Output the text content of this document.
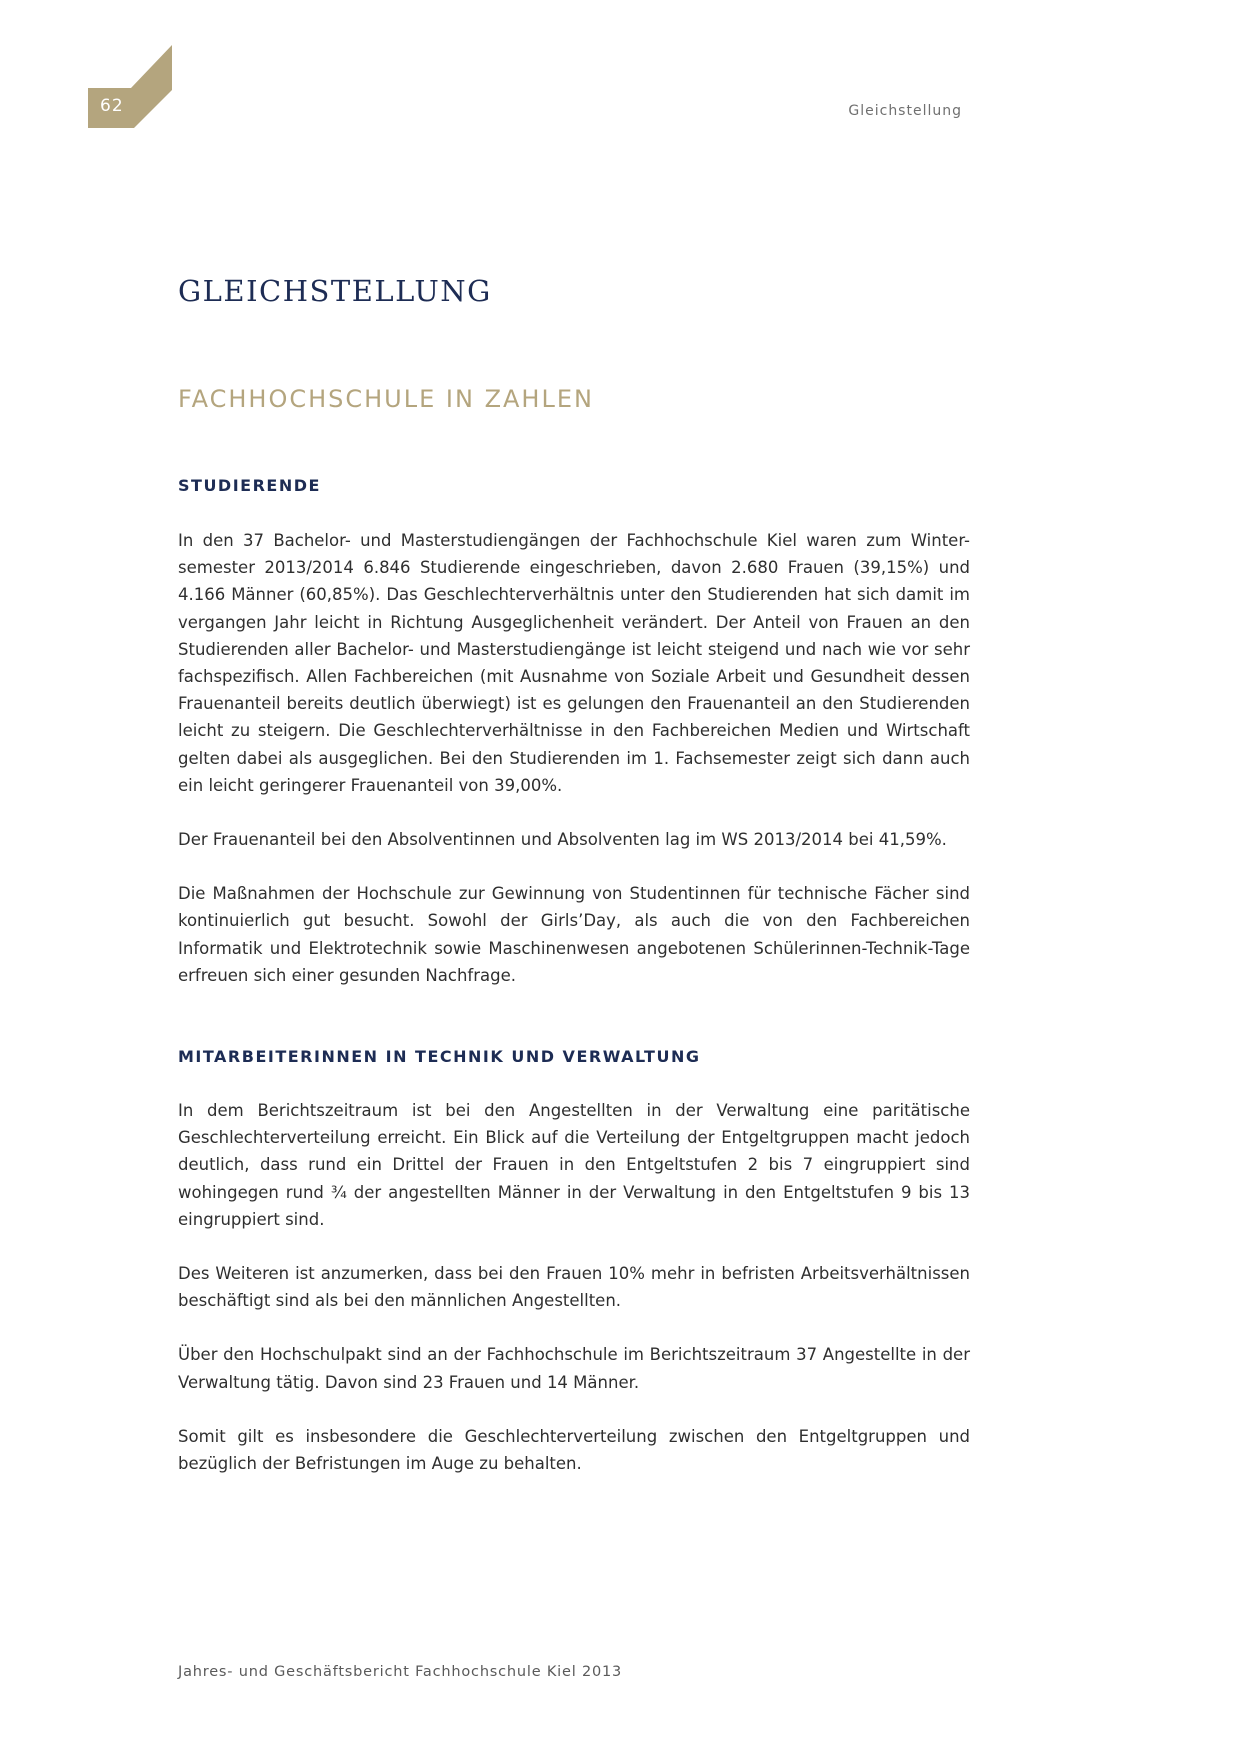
62	Gleichstellung
GLEICHSTELLUNG
FACHHOCHSCHULE IN ZAHLEN
STUDIERENDE

In den 37 Bachelor- und Masterstudiengängen der Fachhochschule Kiel waren zum Winter-semester 2013/2014 6.846 Studierende eingeschrieben, davon 2.680 Frauen (39,15%) und 4.166 Männer (60,85%). Das Geschlechterverhältnis unter den Studierenden hat sich damit im vergangen Jahr leicht in Richtung Ausgeglichenheit verändert. Der Anteil von Frauen an den Studierenden aller Bachelor- und Masterstudiengänge ist leicht steigend und nach wie vor sehr fachspezifisch. Allen Fachbereichen (mit Ausnahme von Soziale Arbeit und Gesundheit dessen Frauenanteil bereits deutlich überwiegt) ist es gelungen den Frauenanteil an den Studierenden leicht zu steigern. Die Geschlechterverhältnisse in den Fachbereichen Medien und Wirtschaft gelten dabei als ausgeglichen. Bei den Studierenden im 1. Fachsemester zeigt sich dann auch ein leicht geringerer Frauenanteil von 39,00%.

Der Frauenanteil bei den Absolventinnen und Absolventen lag im WS 2013/2014 bei 41,59%.

Die Maßnahmen der Hochschule zur Gewinnung von Studentinnen für technische Fächer sind kontinuierlich gut besucht. Sowohl der Girls’Day, als auch die von den Fachbereichen Informatik und Elektrotechnik sowie Maschinenwesen angebotenen Schülerinnen-Technik-Tage erfreuen sich einer gesunden Nachfrage.

MITARBEITERINNEN IN TECHNIK UND VERWALTUNG

In dem Berichtszeitraum ist bei den Angestellten in der Verwaltung eine paritätische Geschlechterverteilung erreicht. Ein Blick auf die Verteilung der Entgeltgruppen macht jedoch deutlich, dass rund ein Drittel der Frauen in den Entgeltstufen 2 bis 7 eingruppiert sind wohingegen rund ¾ der angestellten Männer in der Verwaltung in den Entgeltstufen 9 bis 13 eingruppiert sind.

Des Weiteren ist anzumerken, dass bei den Frauen 10% mehr in befristen Arbeitsverhältnissen beschäftigt sind als bei den männlichen Angestellten.

Über den Hochschulpakt sind an der Fachhochschule im Berichtszeitraum 37 Angestellte in der Verwaltung tätig. Davon sind 23 Frauen und 14 Männer.

Somit gilt es insbesondere die Geschlechterverteilung zwischen den Entgeltgruppen und bezüglich der Befristungen im Auge zu behalten.

Jahres- und Geschäftsbericht Fachhochschule Kiel 2013
